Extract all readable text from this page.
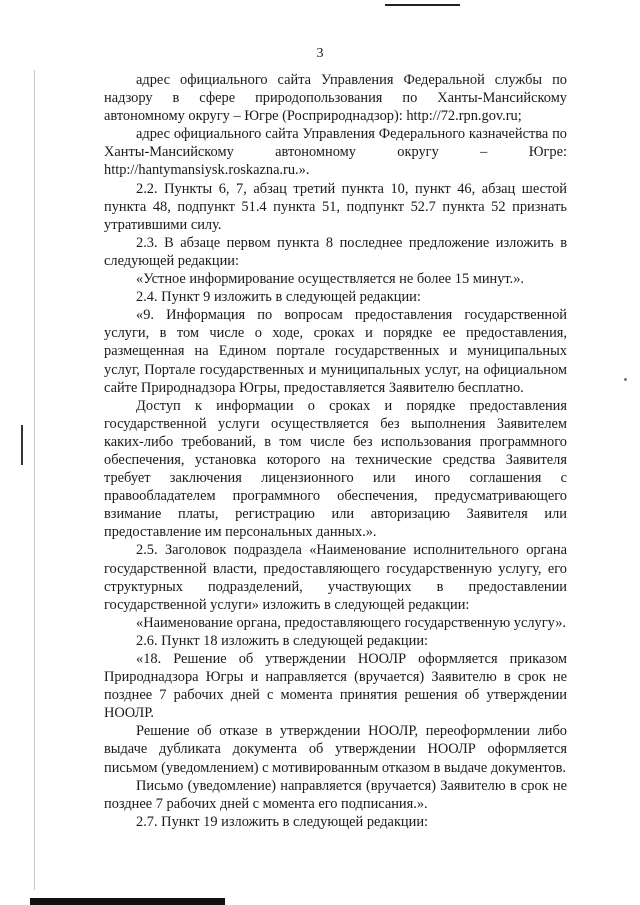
3

адрес официального сайта Управления Федеральной службы по надзору в сфере природопользования по Ханты-Мансийскому автономному округу – Югре (Росприроднадзор): http://72.rpn.gov.ru;

адрес официального сайта Управления Федерального казначейства по Ханты-Мансийскому автономному округу – Югре: http://hantymansiysk.roskazna.ru.».

2.2. Пункты 6, 7, абзац третий пункта 10, пункт 46, абзац шестой пункта 48, подпункт 51.4 пункта 51, подпункт 52.7 пункта 52 признать утратившими силу.

2.3. В абзаце первом пункта 8 последнее предложение изложить в следующей редакции:

«Устное информирование осуществляется не более 15 минут.».

2.4. Пункт 9 изложить в следующей редакции:

«9. Информация по вопросам предоставления государственной услуги, в том числе о ходе, сроках и порядке ее предоставления, размещенная на Едином портале государственных и муниципальных услуг, Портале государственных и муниципальных услуг, на официальном сайте Природнадзора Югры, предоставляется Заявителю бесплатно.

Доступ к информации о сроках и порядке предоставления государственной услуги осуществляется без выполнения Заявителем каких-либо требований, в том числе без использования программного обеспечения, установка которого на технические средства Заявителя требует заключения лицензионного или иного соглашения с правообладателем программного обеспечения, предусматривающего взимание платы, регистрацию или авторизацию Заявителя или предоставление им персональных данных.».

2.5. Заголовок подраздела «Наименование исполнительного органа государственной власти, предоставляющего государственную услугу, его структурных подразделений, участвующих в предоставлении государственной услуги» изложить в следующей редакции:

«Наименование органа, предоставляющего государственную услугу».

2.6. Пункт 18 изложить в следующей редакции:

«18. Решение об утверждении НООЛР оформляется приказом Природнадзора Югры и направляется (вручается) Заявителю в срок не позднее 7 рабочих дней с момента принятия решения об утверждении НООЛР.

Решение об отказе в утверждении НООЛР, переоформлении либо выдаче дубликата документа об утверждении НООЛР оформляется письмом (уведомлением) с мотивированным отказом в выдаче документов.

Письмо (уведомление) направляется (вручается) Заявителю в срок не позднее 7 рабочих дней с момента его подписания.».

2.7. Пункт 19 изложить в следующей редакции:
